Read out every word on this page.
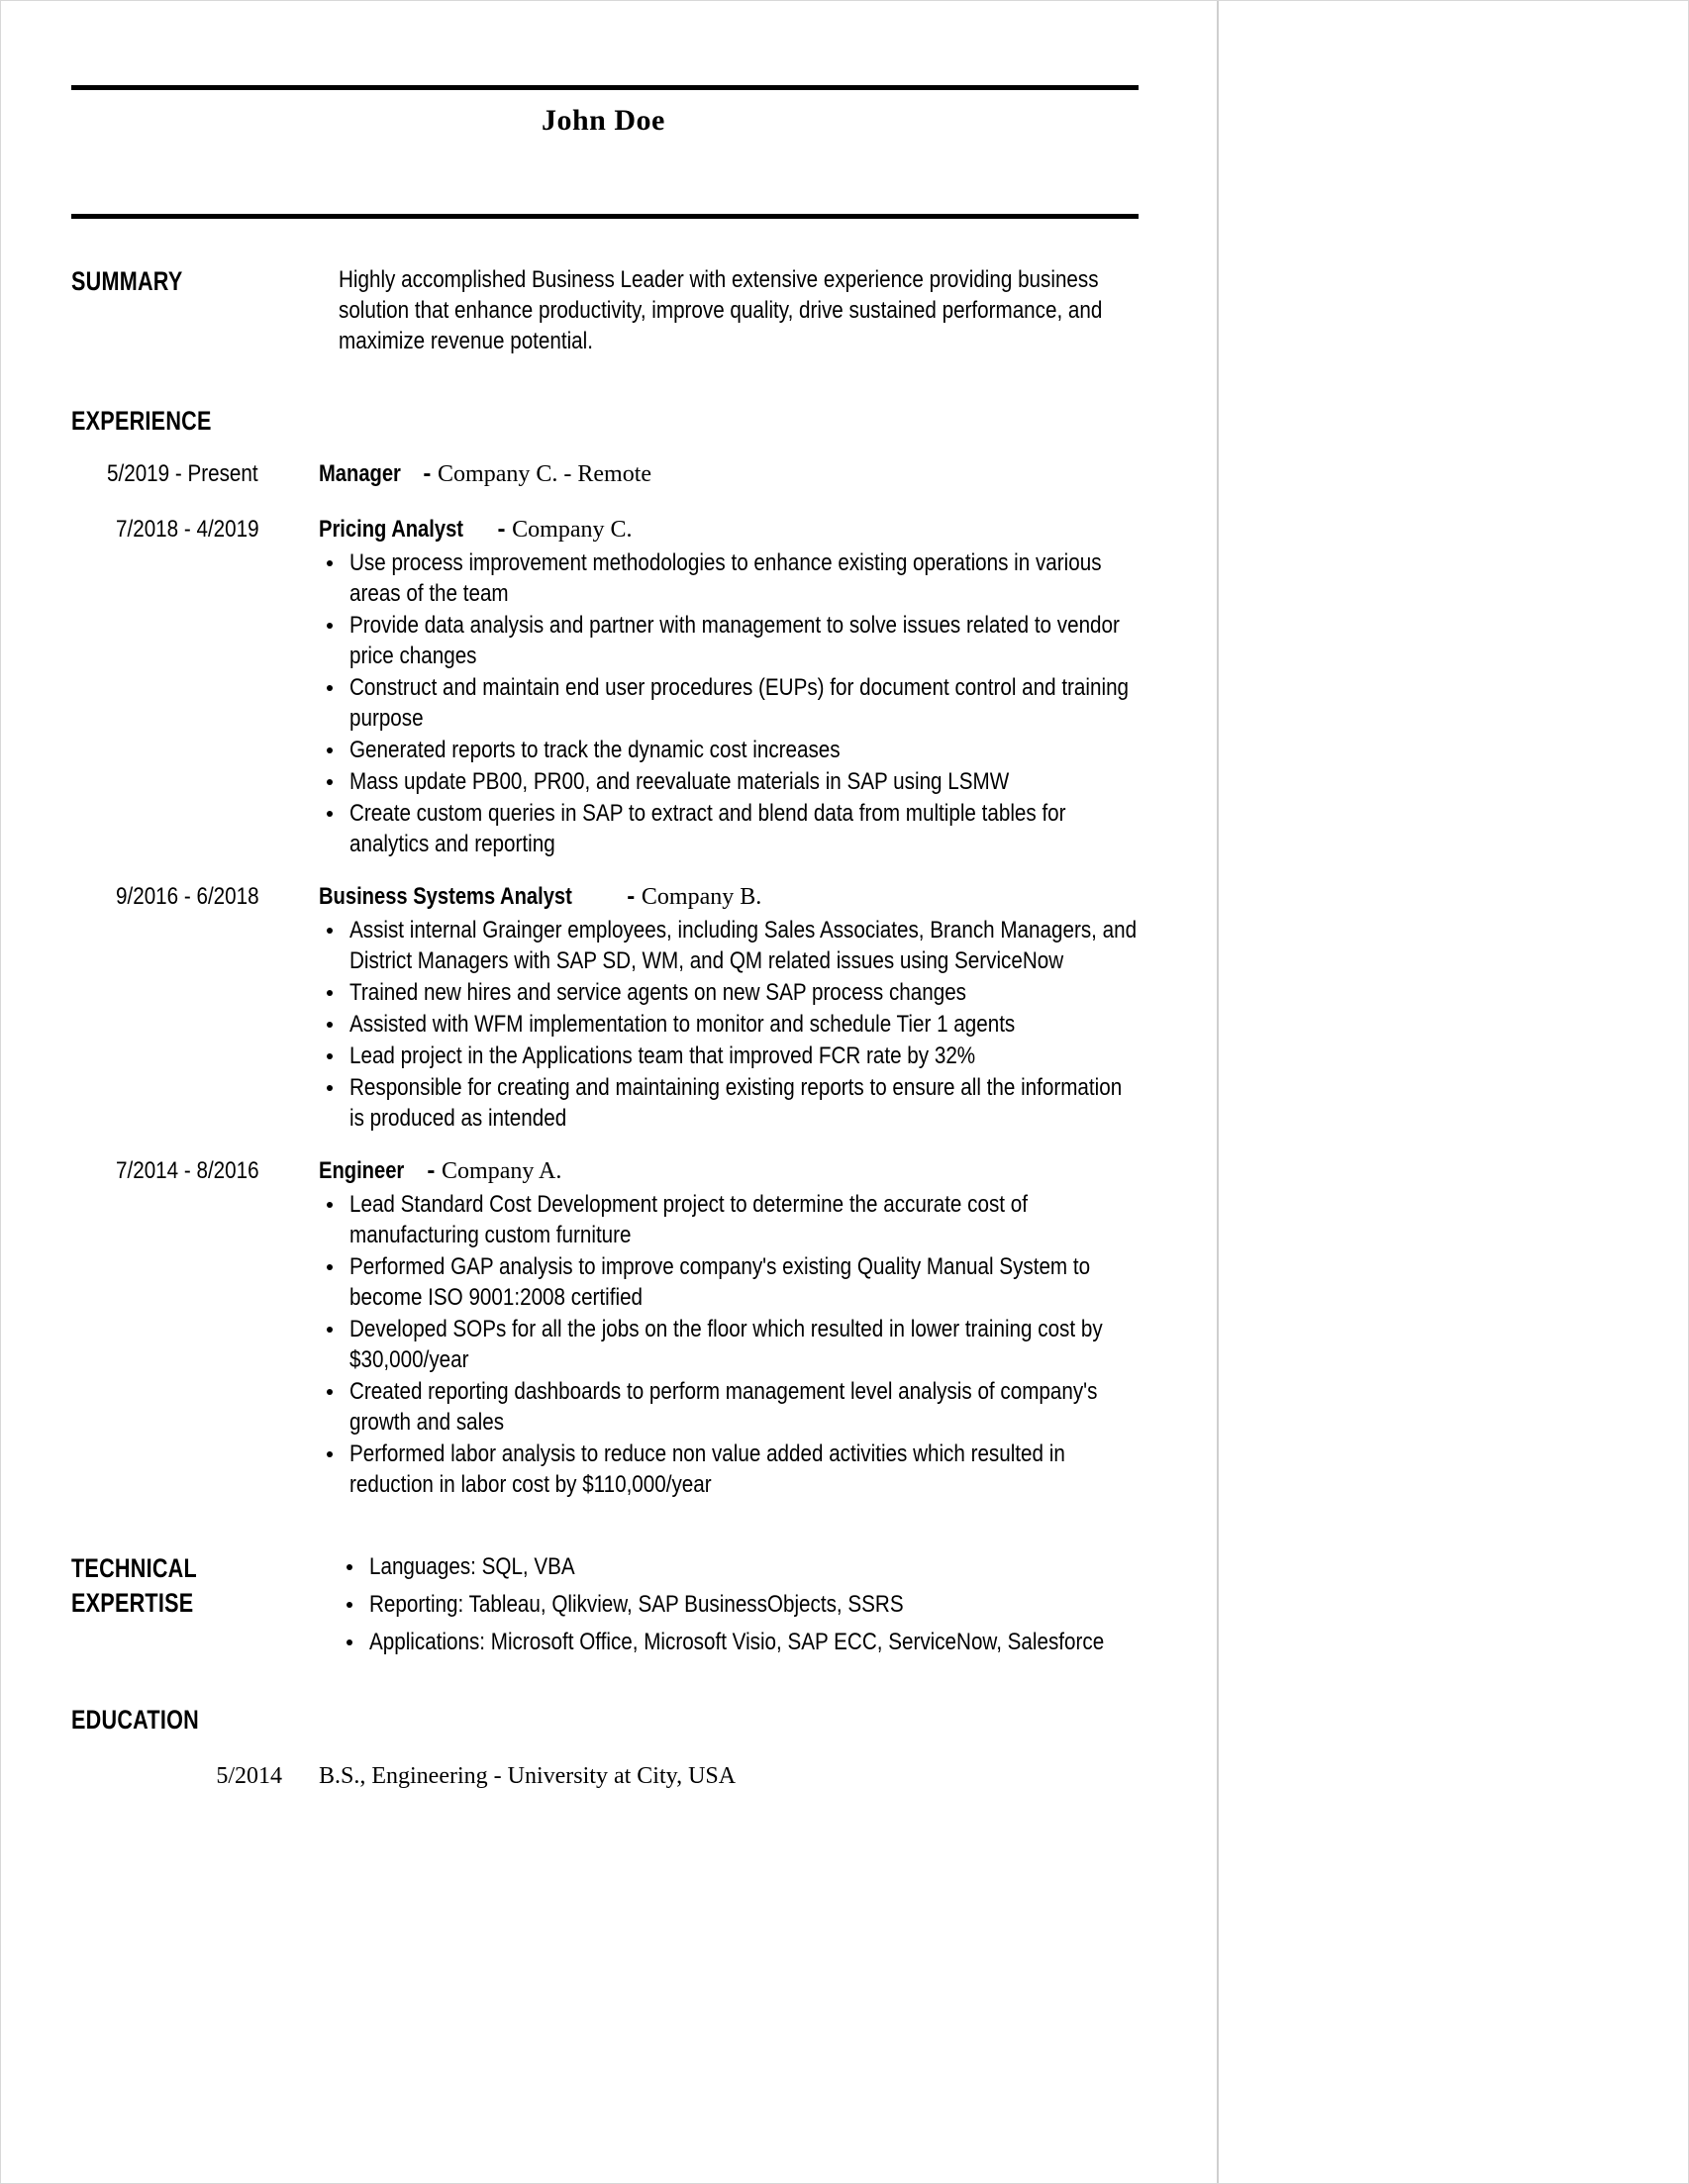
John Doe
SUMMARY	Highly accomplished Business Leader with extensive experience providing business solution that enhance productivity, improve quality, drive sustained performance, and maximize revenue potential.

EXPERIENCE
5/2019 - Present	Manager - Company C. - Remote
7/2018 - 4/2019	Pricing Analyst - Company C.
Use process improvement methodologies to enhance existing operations in various areas of the team
Provide data analysis and partner with management to solve issues related to vendor price changes
Construct and maintain end user procedures (EUPs) for document control and training purpose
Generated reports to track the dynamic cost increases
Mass update PB00, PR00, and reevaluate materials in SAP using LSMW
Create custom queries in SAP to extract and blend data from multiple tables for analytics and reporting
9/2016 - 6/2018	Business Systems Analyst - Company B.
Assist internal Grainger employees, including Sales Associates, Branch Managers, and District Managers with SAP SD, WM, and QM related issues using ServiceNow
Trained new hires and service agents on new SAP process changes
Assisted with WFM implementation to monitor and schedule Tier 1 agents
Lead project in the Applications team that improved FCR rate by 32%
Responsible for creating and maintaining existing reports to ensure all the information is produced as intended
7/2014 - 8/2016	Engineer - Company A.
Lead Standard Cost Development project to determine the accurate cost of manufacturing custom furniture
Performed GAP analysis to improve company's existing Quality Manual System to become ISO 9001:2008 certified
Developed SOPs for all the jobs on the floor which resulted in lower training cost by $30,000/year
Created reporting dashboards to perform management level analysis of company's growth and sales
Performed labor analysis to reduce non value added activities which resulted in reduction in labor cost by $110,000/year
TECHNICAL
EXPERTISE
Languages: SQL, VBA
Reporting: Tableau, Qlikview, SAP BusinessObjects, SSRS
Applications: Microsoft Office, Microsoft Visio, SAP ECC, ServiceNow, Salesforce
EDUCATION
5/2014	B.S., Engineering - University at City, USA
